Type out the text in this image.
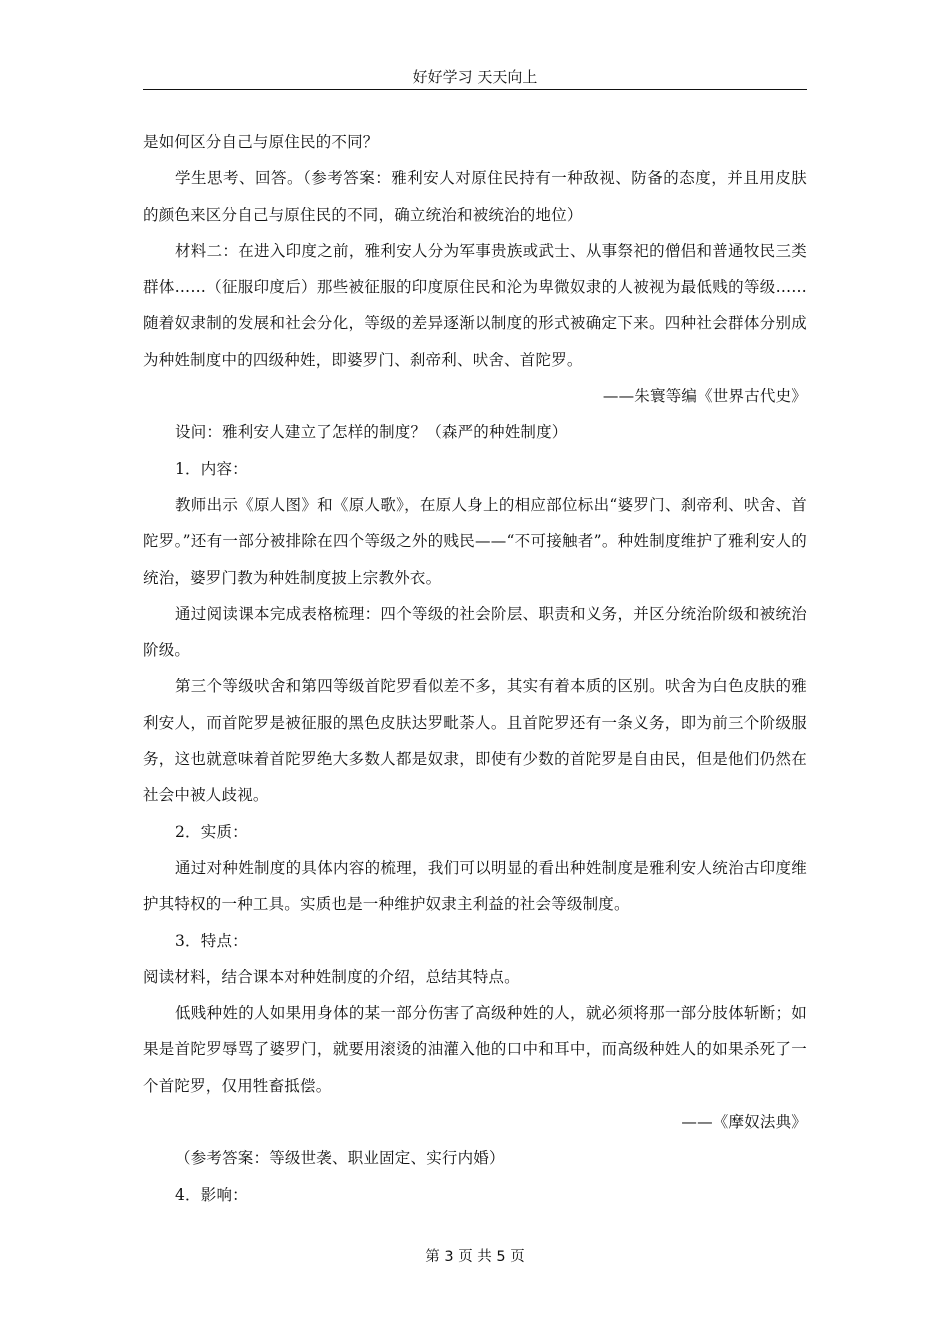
好好学习 天天向上

是如何区分自己与原住民的不同？

学生思考、回答。（参考答案：雅利安人对原住民持有一种敌视、防备的态度，并且用皮肤的颜色来区分自己与原住民的不同，确立统治和被统治的地位）

材料二：在进入印度之前，雅利安人分为军事贵族或武士、从事祭祀的僧侣和普通牧民三类群体……（征服印度后）那些被征服的印度原住民和沦为卑微奴隶的人被视为最低贱的等级……随着奴隶制的发展和社会分化，等级的差异逐渐以制度的形式被确定下来。四种社会群体分别成为种姓制度中的四级种姓，即婆罗门、刹帝利、吠舍、首陀罗。

——朱寰等编《世界古代史》

设问：雅利安人建立了怎样的制度？（森严的种姓制度）

1．内容：

教师出示《原人图》和《原人歌》，在原人身上的相应部位标出“婆罗门、刹帝利、吠舍、首陀罗。”还有一部分被排除在四个等级之外的贱民——“不可接触者”。种姓制度维护了雅利安人的统治，婆罗门教为种姓制度披上宗教外衣。

通过阅读课本完成表格梳理：四个等级的社会阶层、职责和义务，并区分统治阶级和被统治阶级。

第三个等级吠舍和第四等级首陀罗看似差不多，其实有着本质的区别。吠舍为白色皮肤的雅利安人，而首陀罗是被征服的黑色皮肤达罗毗荼人。且首陀罗还有一条义务，即为前三个阶级服务，这也就意味着首陀罗绝大多数人都是奴隶，即使有少数的首陀罗是自由民，但是他们仍然在社会中被人歧视。

2．实质：

通过对种姓制度的具体内容的梳理，我们可以明显的看出种姓制度是雅利安人统治古印度维护其特权的一种工具。实质也是一种维护奴隶主利益的社会等级制度。

3．特点：

阅读材料，结合课本对种姓制度的介绍，总结其特点。

低贱种姓的人如果用身体的某一部分伤害了高级种姓的人，就必须将那一部分肢体斩断；如果是首陀罗辱骂了婆罗门，就要用滚烫的油灌入他的口中和耳中，而高级种姓人的如果杀死了一个首陀罗，仅用牲畜抵偿。

——《摩奴法典》

（参考答案：等级世袭、职业固定、实行内婚）

4．影响：

第 3 页 共 5 页
